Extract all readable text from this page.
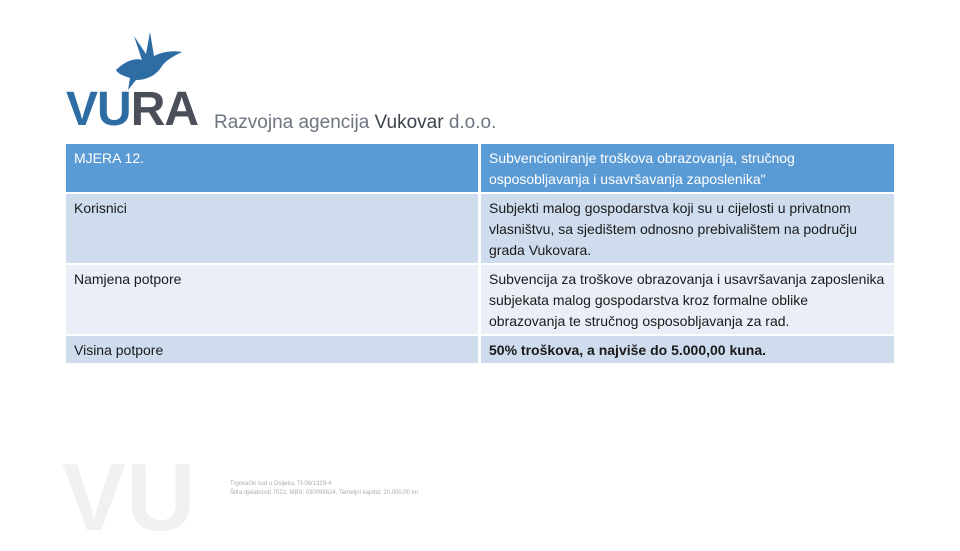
VURA Razvojna agencija Vukovar d.o.o.
MJERA 12.	Subvencioniranje troškova obrazovanja, stručnog osposobljavanja i usavršavanja zaposlenika"
Korisnici	Subjekti malog gospodarstva koji su u cijelosti u privatnom vlasništvu, sa sjedištem odnosno prebivalištem na području grada Vukovara.
Namjena potpore	Subvencija za troškove obrazovanja i usavršavanja zaposlenika subjekata malog gospodarstva kroz formalne oblike obrazovanja te stručnog osposobljavanja za rad.
Visina potpore	50% troškova, a najviše do 5.000,00 kuna.
VU	Trgovački sud u Osijeku, Tt-08/1329-4
Šifra djelatnosti 7022, MBS: 030099624, Temeljni kapital: 20.000,00 kn
